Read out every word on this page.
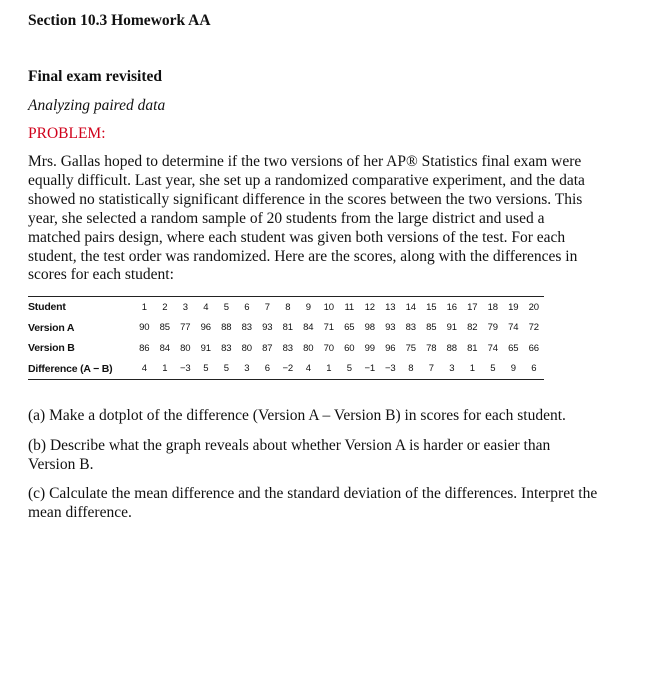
Section 10.3 Homework AA
Final exam revisited
Analyzing paired data
PROBLEM:
Mrs. Gallas hoped to determine if the two versions of her AP® Statistics final exam were equally difficult. Last year, she set up a randomized comparative experiment, and the data showed no statistically significant difference in the scores between the two versions. This year, she selected a random sample of 20 students from the large district and used a matched pairs design, where each student was given both versions of the test. For each student, the test order was randomized. Here are the scores, along with the differences in scores for each student:
Student	1	2	3	4	5	6	7	8	9	10	11	12	13	14	15	16	17	18	19	20
Version A	90	85	77	96	88	83	93	81	84	71	65	98	93	83	85	91	82	79	74	72
Version B	86	84	80	91	83	80	87	83	80	70	60	99	96	75	78	88	81	74	65	66
Difference (A − B)	4	1	−3	5	5	3	6	−2	4	1	5	−1	−3	8	7	3	1	5	9	6
(a) Make a dotplot of the difference (Version A – Version B) in scores for each student.
(b) Describe what the graph reveals about whether Version A is harder or easier than Version B.
(c) Calculate the mean difference and the standard deviation of the differences. Interpret the mean difference.
